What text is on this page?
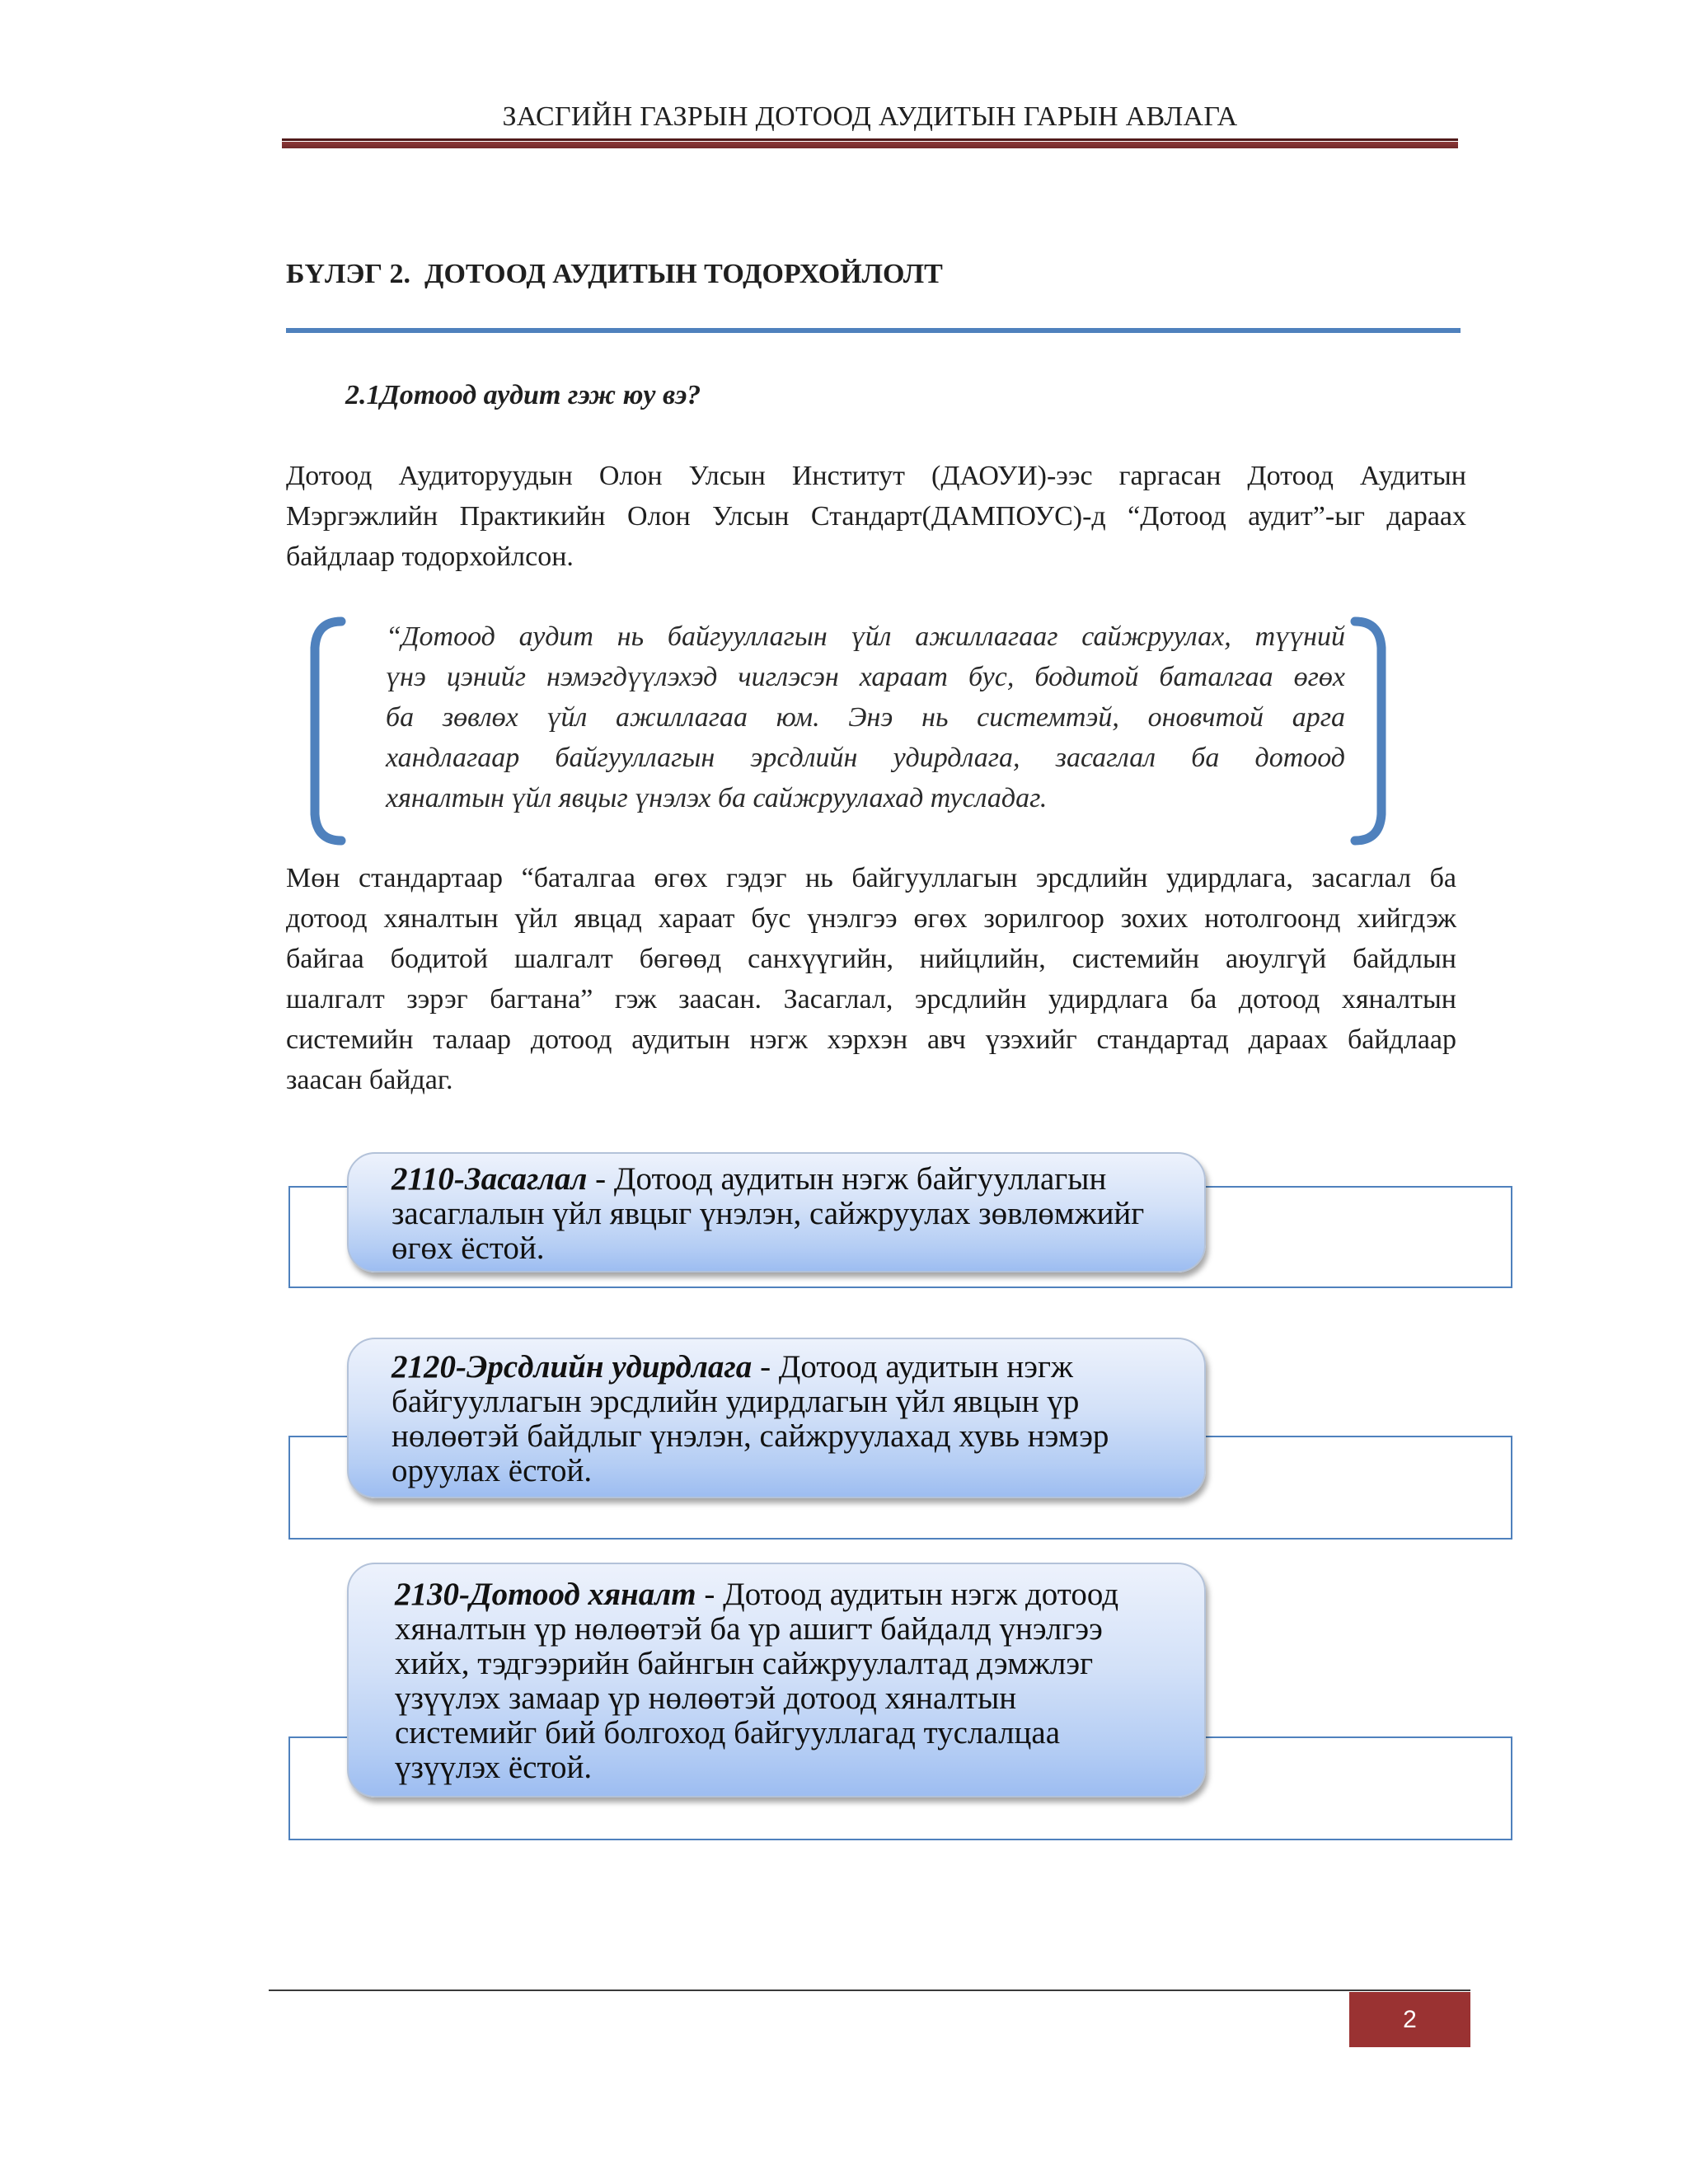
ЗАСГИЙН ГАЗРЫН ДОТООД АУДИТЫН ГАРЫН АВЛАГА
БҮЛЭГ 2.  ДОТООД АУДИТЫН ТОДОРХОЙЛОЛТ
2.1Дотоод аудит гэж юу вэ?
Дотоод Аудиторуудын Олон Улсын Институт (ДАОУИ)-ээс гаргасан Дотоод Аудитын
Мэргэжлийн Практикийн Олон Улсын Стандарт(ДАМПОУС)-д “Дотоод аудит”-ыг дараах
байдлаар тодорхойлсон.
“Дотоод аудит нь байгууллагын үйл ажиллагааг сайжруулах, түүний
үнэ цэнийг нэмэгдүүлэхэд чиглэсэн хараат бус, бодитой баталгаа өгөх
ба зөвлөх үйл ажиллагаа юм. Энэ нь системтэй, оновчтой арга
хандлагаар байгууллагын эрсдлийн удирдлага, засаглал ба дотоод
хяналтын үйл явцыг үнэлэх ба сайжруулахад тусладаг.
Мөн стандартаар “баталгаа өгөх гэдэг нь байгууллагын эрсдлийн удирдлага, засаглал ба
дотоод хяналтын үйл явцад хараат бус үнэлгээ өгөх зорилгоор зохих нотолгоонд хийгдэж
байгаа бодитой шалгалт бөгөөд санхүүгийн, нийцлийн, системийн аюулгүй байдлын
шалгалт зэрэг багтана” гэж заасан. Засаглал, эрсдлийн удирдлага ба дотоод хяналтын
системийн талаар дотоод аудитын нэгж хэрхэн авч үзэхийг стандартад дараах байдлаар
заасан байдаг.
2110-Засаглал - Дотоод аудитын нэгж байгууллагын
засаглалын үйл явцыг үнэлэн, сайжруулах зөвлөмжийг
өгөх ёстой.
2120-Эрсдлийн удирдлага - Дотоод аудитын нэгж
байгууллагын эрсдлийн удирдлагын үйл явцын үр
нөлөөтэй байдлыг үнэлэн, сайжруулахад хувь нэмэр
оруулах ёстой.
2130-Дотоод хяналт - Дотоод аудитын нэгж дотоод
хяналтын үр нөлөөтэй ба үр ашигт байдалд үнэлгээ
хийх, тэдгээрийн байнгын сайжруулалтад дэмжлэг
үзүүлэх замаар үр нөлөөтэй дотоод хяналтын
системийг бий болгоход байгууллагад туслалцаа
үзүүлэх ёстой.
2
